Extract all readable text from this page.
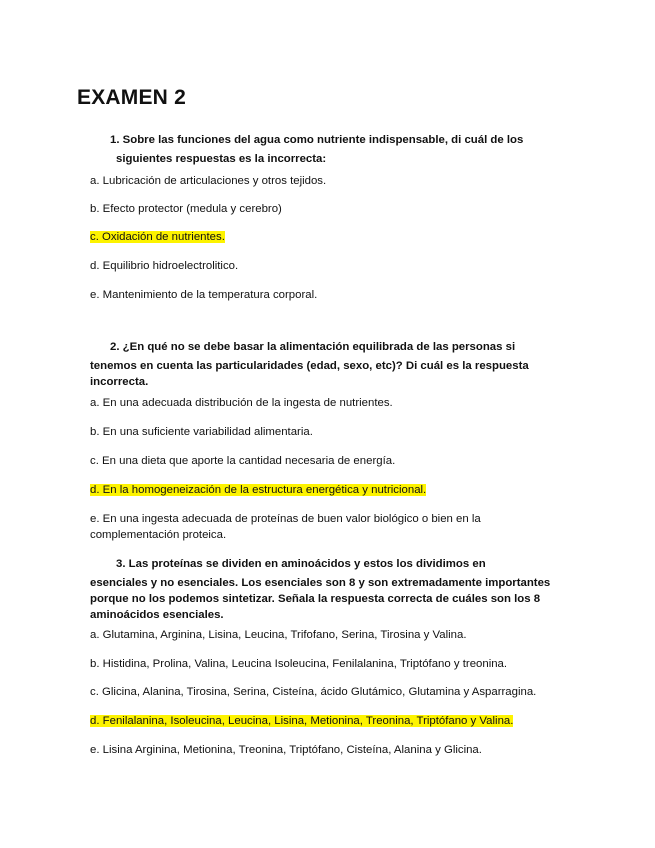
EXAMEN 2

1. Sobre las funciones del agua como nutriente indispensable, di cuál de los

siguientes respuestas es la incorrecta:

a. Lubricación de articulaciones y otros tejidos.

b. Efecto protector (medula y cerebro)

c. Oxidación de nutrientes.

d. Equilibrio hidroelectrolitico.

e. Mantenimiento de la temperatura corporal.

2. ¿En qué no se debe basar la alimentación equilibrada de las personas si

tenemos en cuenta las particularidades (edad, sexo, etc)? Di cuál es la respuesta

incorrecta.

a. En una adecuada distribución de la ingesta de nutrientes.

b. En una suficiente variabilidad alimentaria.

c. En una dieta que aporte la cantidad necesaria de energía.

d. En la homogeneización de la estructura energética y nutricional.

e. En una ingesta adecuada de proteínas de buen valor biológico o bien en la

complementación proteica.

3. Las proteínas se dividen en aminoácidos y estos los dividimos en

esenciales y no esenciales. Los esenciales son 8 y son extremadamente importantes

porque no los podemos sintetizar. Señala la respuesta correcta de cuáles son los 8

aminoácidos esenciales.

a. Glutamina, Arginina, Lisina, Leucina, Trifofano, Serina, Tirosina y Valina.

b. Histidina, Prolina, Valina, Leucina Isoleucina, Fenilalanina, Triptófano y treonina.

c. Glicina, Alanina, Tirosina, Serina, Cisteína, ácido Glutámico, Glutamina y Asparragina.

d. Fenilalanina, Isoleucina, Leucina, Lisina, Metionina, Treonina, Triptófano y Valina.

e. Lisina Arginina, Metionina, Treonina, Triptófano, Cisteína, Alanina y Glicina.
